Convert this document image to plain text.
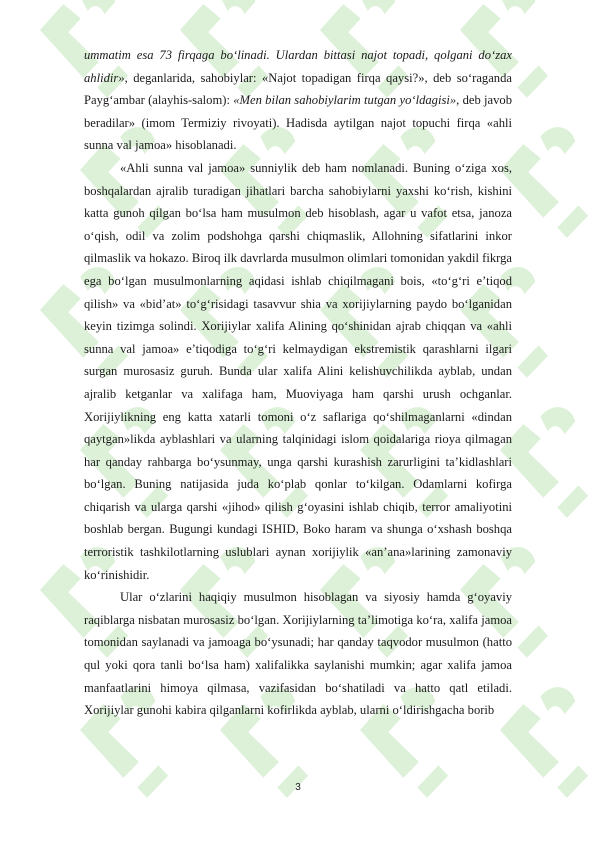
ummatim esa 73 firqaga bo‘linadi. Ulardan bittasi najot topadi, qolgani do‘zax ahlidir», deganlarida, sahobiylar: «Najot topadigan firqa qaysi?», deb so‘raganda Payg‘ambar (alayhis-salom): «Men bilan sahobiylarim tutgan yo‘ldagisi», deb javob beradilar» (imom Termiziy rivoyati). Hadisda aytilgan najot topuchi firqa «ahli sunna val jamoa» hisoblanadi.

«Ahli sunna val jamoa» sunniylik deb ham nomlanadi. Buning o‘ziga xos, boshqalardan ajralib turadigan jihatlari barcha sahobiylarni yaxshi ko‘rish, kishini katta gunoh qilgan bo‘lsa ham musulmon deb hisoblash, agar u vafot etsa, janoza o‘qish, odil va zolim podshohga qarshi chiqmaslik, Allohning sifatlarini inkor qilmaslik va hokazo. Biroq ilk davrlarda musulmon olimlari tomonidan yakdil fikrga ega bo‘lgan musulmonlarning aqidasi ishlab chiqilmagani bois, «to‘g‘ri e’tiqod qilish» va «bid’at» to‘g‘risidagi tasavvur shia va xorijiylarning paydo bo‘lganidan keyin tizimga solindi. Xorijiylar xalifa Alining qo‘shinidan ajrab chiqqan va «ahli sunna val jamoa» e’tiqodiga to‘g‘ri kelmaydigan ekstremistik qarashlarni ilgari surgan murosasiz guruh. Bunda ular xalifa Alini kelishuvchilikda ayblab, undan ajralib ketganlar va xalifaga ham, Muoviyaga ham qarshi urush ochganlar. Xorijiylikning eng katta xatarli tomoni o‘z saflariga qo‘shilmaganlarni «dindan qaytgan»likda ayblashlari va ularning talqinidagi islom qoidalariga rioya qilmagan har qanday rahbarga bo‘ysunmay, unga qarshi kurashish zarurligini ta’kidlashlari bo‘lgan. Buning natijasida juda ko‘plab qonlar to‘kilgan. Odamlarni kofirga chiqarish va ularga qarshi «jihod» qilish g‘oyasini ishlab chiqib, terror amaliyotini boshlab bergan. Bugungi kundagi ISHID, Boko haram va shunga o‘xshash boshqa terroristik tashkilotlarning uslublari aynan xorijiylik «an’ana»larining zamonaviy ko‘rinishidir.

Ular o‘zlarini haqiqiy musulmon hisoblagan va siyosiy hamda g‘oyaviy raqiblarga nisbatan murosasiz bo‘lgan. Xorijiylarning ta’limotiga ko‘ra, xalifa jamoa tomonidan saylanadi va jamoaga bo‘ysunadi; har qanday taqvodor musulmon (hatto qul yoki qora tanli bo‘lsa ham) xalifalikka saylanishi mumkin; agar xalifa jamoa manfaatlarini himoya qilmasa, vazifasidan bo‘shatiladi va hatto qatl etiladi. Xorijiylar gunohi kabira qilganlarni kofirlikda ayblab, ularni o‘ldirishgacha borib

3
